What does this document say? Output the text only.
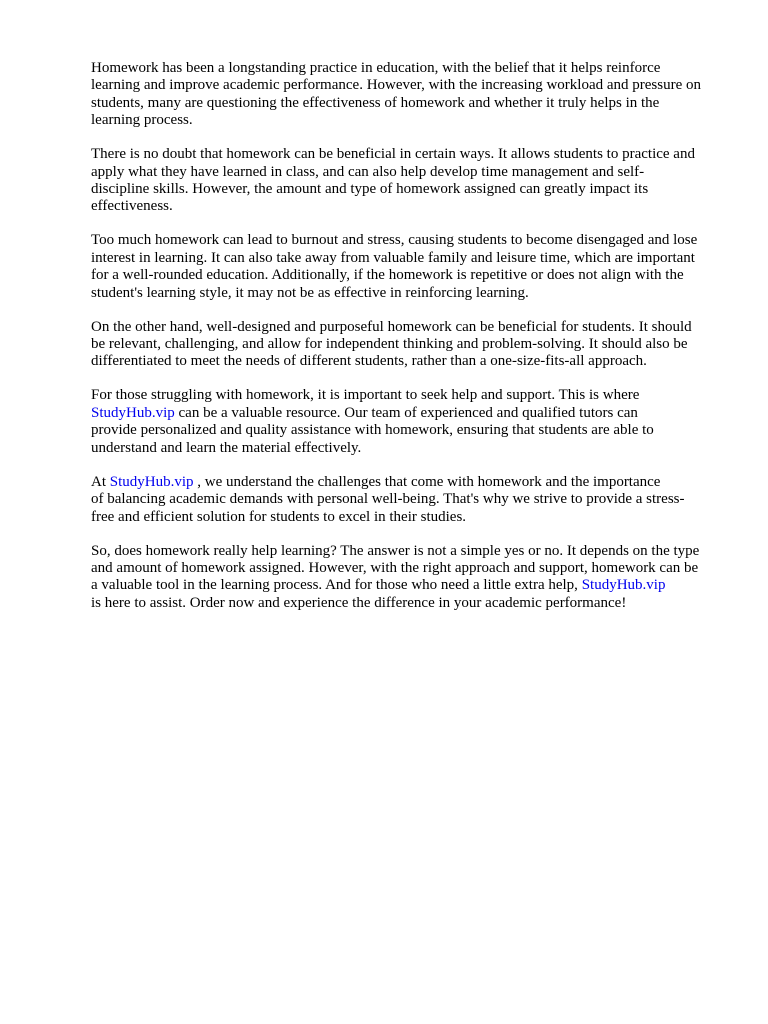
Homework has been a longstanding practice in education, with the belief that it helps reinforce
learning and improve academic performance. However, with the increasing workload and pressure on
students, many are questioning the effectiveness of homework and whether it truly helps in the
learning process.

There is no doubt that homework can be beneficial in certain ways. It allows students to practice and
apply what they have learned in class, and can also help develop time management and self-
discipline skills. However, the amount and type of homework assigned can greatly impact its
effectiveness.

Too much homework can lead to burnout and stress, causing students to become disengaged and lose
interest in learning. It can also take away from valuable family and leisure time, which are important
for a well-rounded education. Additionally, if the homework is repetitive or does not align with the
student's learning style, it may not be as effective in reinforcing learning.

On the other hand, well-designed and purposeful homework can be beneficial for students. It should
be relevant, challenging, and allow for independent thinking and problem-solving. It should also be
differentiated to meet the needs of different students, rather than a one-size-fits-all approach.

For those struggling with homework, it is important to seek help and support. This is where
StudyHub.vip can be a valuable resource. Our team of experienced and qualified tutors can
provide personalized and quality assistance with homework, ensuring that students are able to
understand and learn the material effectively.

At StudyHub.vip , we understand the challenges that come with homework and the importance
of balancing academic demands with personal well-being. That's why we strive to provide a stress-
free and efficient solution for students to excel in their studies.

So, does homework really help learning? The answer is not a simple yes or no. It depends on the type
and amount of homework assigned. However, with the right approach and support, homework can be
a valuable tool in the learning process. And for those who need a little extra help, StudyHub.vip
is here to assist. Order now and experience the difference in your academic performance!
